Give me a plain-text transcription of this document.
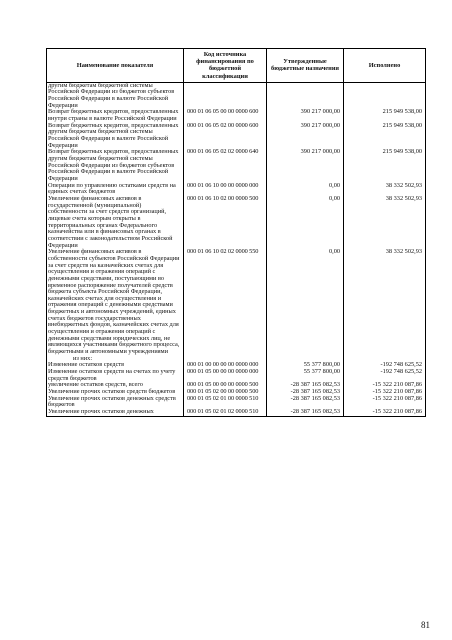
Наименование показателя	Код источника финансирования по бюджетной классификации	Утвержденные бюджетные назначения	Исполнено
другим бюджетам бюджетной системы Российской Федерации из бюджетов субъектов Российской Федерации в валюте Российской Федерации			
Возврат бюджетных кредитов, предоставленных внутри страны в валюте Российской Федерации	000 01 06 05 00 00 0000 600	390 217 000,00	215 949 538,00
Возврат бюджетных кредитов, предоставленных другим бюджетам бюджетной системы Российской Федерации в валюте Российской Федерации	000 01 06 05 02 00 0000 600	390 217 000,00	215 949 538,00
Возврат бюджетных кредитов, предоставленных другим бюджетам бюджетной системы Российской Федерации из бюджетов субъектов Российской Федерации в валюте Российской Федерации	000 01 06 05 02 02 0000 640	390 217 000,00	215 949 538,00
Операции по управлению остатками средств на единых счетах бюджетов	000 01 06 10 00 00 0000 000	0,00	38 332 502,93
Увеличение финансовых активов в государственной (муниципальной) собственности за счет средств организаций, лицевые счета которым открыты в территориальных органах Федерального казначейства или в финансовых органах в соответствии с законодательством Российской Федерации	000 01 06 10 02 00 0000 500	0,00	38 332 502,93
Увеличение финансовых активов в собственности субъектов Российской Федерации за счет средств на казначейских счетах для осуществления и отражения операций с денежными средствами, поступающими во временное распоряжение получателей средств бюджета субъекта Российской Федерации, казначейских счетах для осуществления и отражения операций с денежными средствами бюджетных и автономных учреждений, единых счетах бюджетов государственных внебюджетных фондов, казначейских счетах для осуществления и отражения операций с денежными средствами юридических лиц, не являющихся участниками бюджетного процесса, бюджетными и автономными учреждениями	000 01 06 10 02 02 0000 550	0,00	38 332 502,93
из них:			
Изменение остатков средств	000 01 00 00 00 00 0000 000	55 377 800,00	-192 748 625,52
Изменение остатков средств на счетах по учету средств бюджетов	000 01 05 00 00 00 0000 000	55 377 800,00	-192 748 625,52
увеличение остатков средств, всего	000 01 05 00 00 00 0000 500	-28 387 165 082,53	-15 322 210 087,86
Увеличение прочих остатков средств бюджетов	000 01 05 02 00 00 0000 500	-28 387 165 082,53	-15 322 210 087,86
Увеличение прочих остатков денежных средств бюджетов	000 01 05 02 01 00 0000 510	-28 387 165 082,53	-15 322 210 087,86
Увеличение прочих остатков денежных	000 01 05 02 01 02 0000 510	-28 387 165 082,53	-15 322 210 087,86
81
